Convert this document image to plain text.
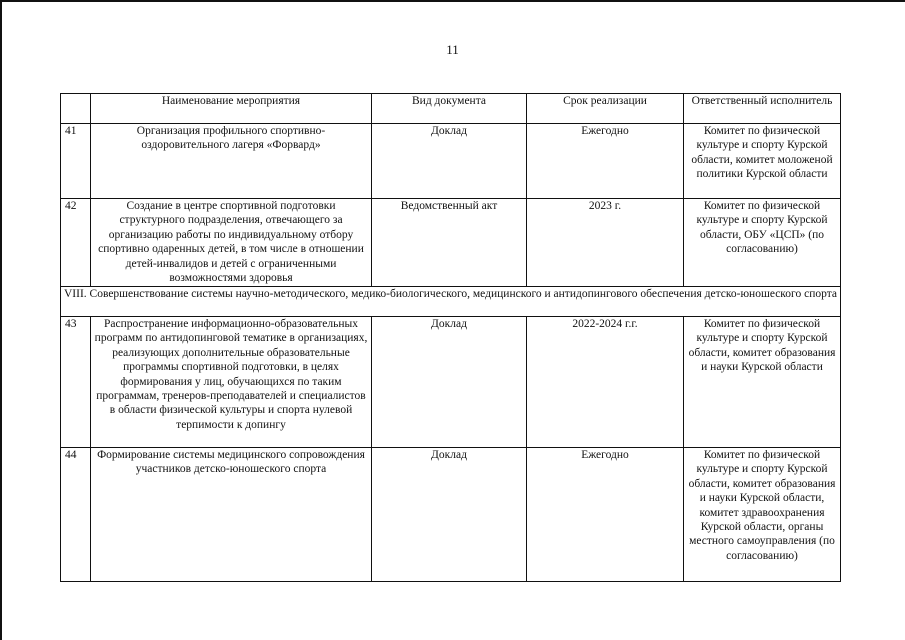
11
	Наименование мероприятия	Вид документа	Срок реализации	Ответственный исполнитель
41	Организация профильного спортивно-оздоровительного лагеря «Форвард»	Доклад	Ежегодно	Комитет по физической культуре и спорту Курской области, комитет моложеной политики Курской области
42	Создание в центре спортивной подготовки структурного подразделения, отвечающего за организацию работы по индивидуальному отбору спортивно одаренных детей, в том числе в отношении детей-инвалидов и детей с ограниченными возможностями здоровья	Ведомственный акт	2023 г.	Комитет по физической культуре и спорту Курской области, ОБУ «ЦСП» (по согласованию)
VIII. Совершенствование системы научно-методического, медико-биологического, медицинского и антидопингового обеспечения детско-юношеского спорта				
43	Распространение информационно-образовательных программ по антидопинговой тематике в организациях, реализующих дополнительные образовательные программы спортивной подготовки, в целях формирования у лиц, обучающихся по таким программам, тренеров-преподавателей и специалистов в области физической культуры и спорта нулевой терпимости к допингу	Доклад	2022-2024 г.г.	Комитет по физической культуре и спорту Курской области, комитет образования и науки Курской области
44	Формирование системы медицинского сопровождения участников детско-юношеского спорта	Доклад	Ежегодно	Комитет по физической культуре и спорту Курской области, комитет образования и науки Курской области, комитет здравоохранения Курской области, органы местного самоуправления (по согласованию)
